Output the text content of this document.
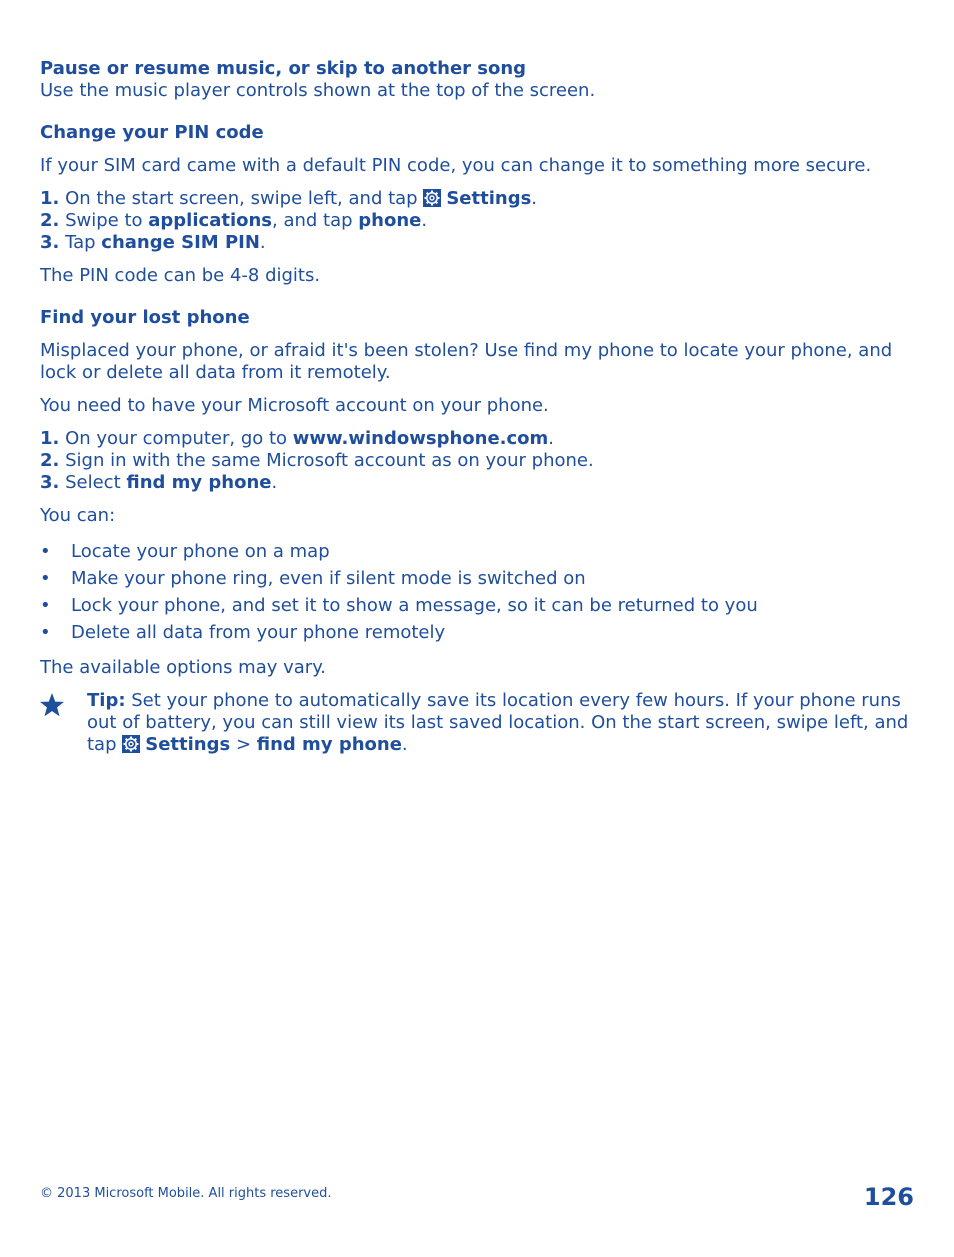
Pause or resume music, or skip to another song

Use the music player controls shown at the top of the screen.

Change your PIN code

If your SIM card came with a default PIN code, you can change it to something more secure.

1. On the start screen, swipe left, and tap Settings.
2. Swipe to applications, and tap phone.
3. Tap change SIM PIN.

The PIN code can be 4-8 digits.

Find your lost phone

Misplaced your phone, or afraid it's been stolen? Use find my phone to locate your phone, and lock or delete all data from it remotely.

You need to have your Microsoft account on your phone.

1. On your computer, go to www.windowsphone.com.
2. Sign in with the same Microsoft account as on your phone.
3. Select find my phone.

You can:

• Locate your phone on a map
• Make your phone ring, even if silent mode is switched on
• Lock your phone, and set it to show a message, so it can be returned to you
• Delete all data from your phone remotely

The available options may vary.

Tip: Set your phone to automatically save its location every few hours. If your phone runs out of battery, you can still view its last saved location. On the start screen, swipe left, and tap Settings > find my phone.
© 2013 Microsoft Mobile. All rights reserved.	126
